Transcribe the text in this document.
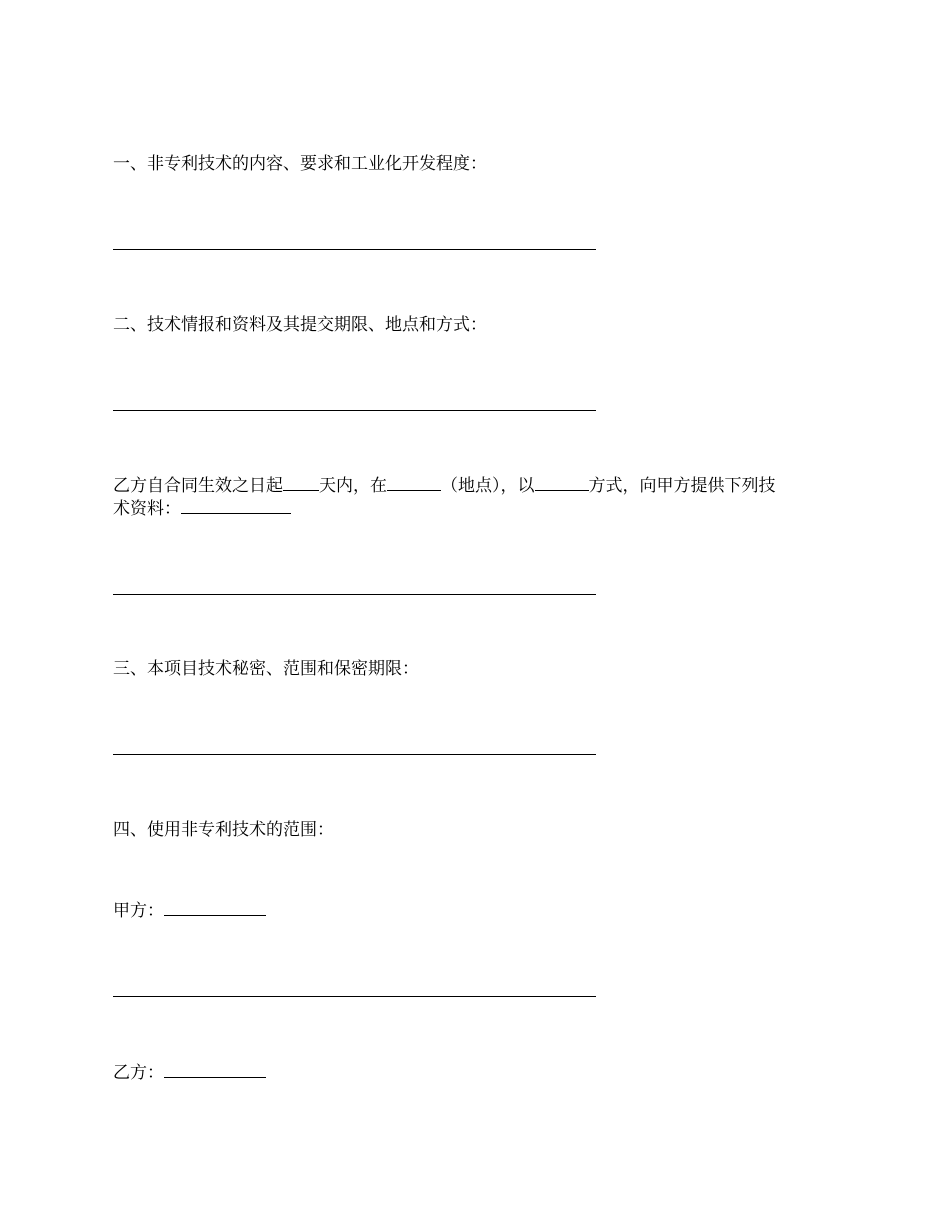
一、非专利技术的内容、要求和工业化开发程度：
二、技术情报和资料及其提交期限、地点和方式：
乙方自合同生效之日起 天内，在	（地点），以	方式，向甲方提供下列技
术资料：
三、本项目技术秘密、范围和保密期限：
四、使用非专利技术的范围：
甲方：
乙方：
